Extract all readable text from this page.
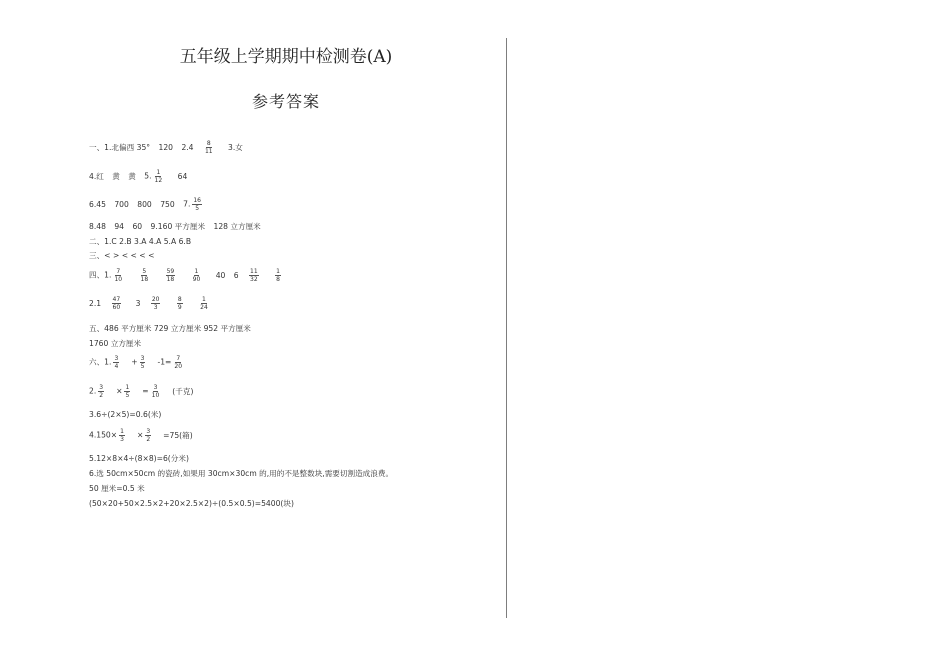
五年级上学期期中检测卷(A)
参考答案
一、1.北偏西 35° 120 $2.4 \frac{8}{11} 3$.女
4.红 黄 黄 5. $\frac{1}{12} 64$
6.45 700 800 750 7. $\frac{16}{5}$
8.48 94 60 9.160 平方厘米 128 立方厘米
二、1.C 2.B 3.A 4.A 5.A 6.B
三、< > < < < <
四、1. $\frac{7}{10}$
$\frac{5}{18}$
$\frac{59}{18}$
$\frac{1}{90} 40$ $6 \frac{11}{32}$
$\frac{1}{8}$
$2.1 \frac{47}{60} 3 \frac{20}{3}$
$\frac{8}{9}$
$\frac{1}{24}$
五、486 平方厘米 729 立方厘米 952 平方厘米
1760 立方厘米
六、1. $\frac{3}{4} + \frac{3}{5} -1= \frac{7}{20}$
2. $\frac{3}{2} \times \frac{1}{5} = \frac{3}{10}$ (千克)
3.6÷(2×5)=0.6(米)
$4.150\times \frac{1}{3} \times \frac{3}{2} =75$(箱)
5.12×8×4÷(8×8)=6(分米)
6.选 50cm×50cm 的瓷砖,如果用 30cm×30cm 的,用的不是整数块,需要切割造成浪费。
50 厘米=0.5 米
(50×20+50×2.5×2+20×2.5×2)÷(0.5×0.5)=5400(块)
